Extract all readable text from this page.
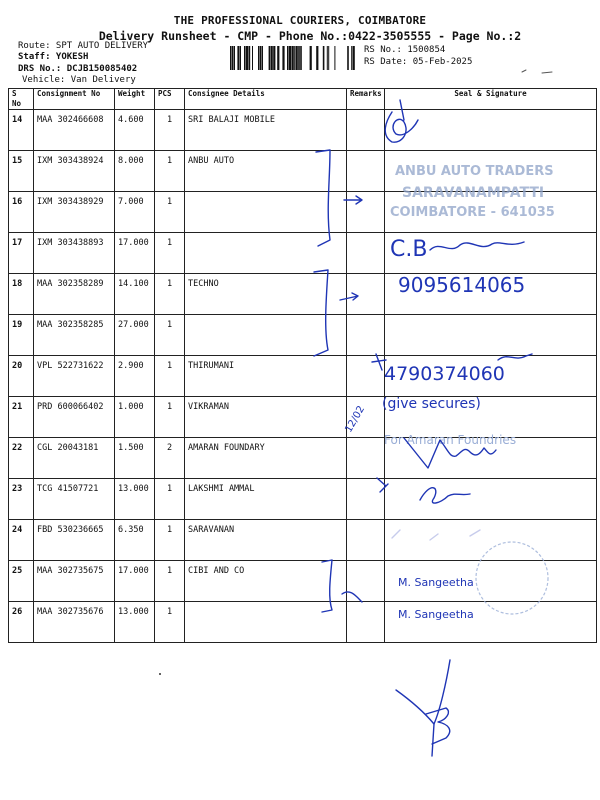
THE PROFESSIONAL COURIERS, COIMBATORE
Delivery Runsheet - CMP - Phone No.:0422-3505555 - Page No.:2
Route: SPT AUTO DELIVERY
Staff: YOKESH
DRS No.: DCJB150085402
Vehicle: Van Delivery
RS No.: 1500854
RS Date: 05-Feb-2025
S No	Consignment No	Weight	PCS	Consignee Details	Remarks	Seal & Signature
14	MAA 302466608	4.600	1	SRI BALAJI MOBILE		
15	IXM 303438924	8.000	1	ANBU AUTO		
16	IXM 303438929	7.000	1			
17	IXM 303438893	17.000	1			
18	MAA 302358289	14.100	1	TECHNO		
19	MAA 302358285	27.000	1			
20	VPL 522731622	2.900	1	THIRUMANI		
21	PRD 600066402	1.000	1	VIKRAMAN		
22	CGL 20043181	1.500	2	AMARAN FOUNDARY		
23	TCG 41507721	13.000	1	LAKSHMI AMMAL		
24	FBD 530236665	6.350	1	SARAVANAN		
25	MAA 302735675	17.000	1	CIBI AND CO		
26	MAA 302735676	13.000	1			
ANBU AUTO TRADERS
SARAVANAMPATTI
COIMBATORE - 641035
C.B
9095614065
4790374060
12/02
(give secures)
For Amaran Foundries
M. Sangeetha
M. Sangeetha
